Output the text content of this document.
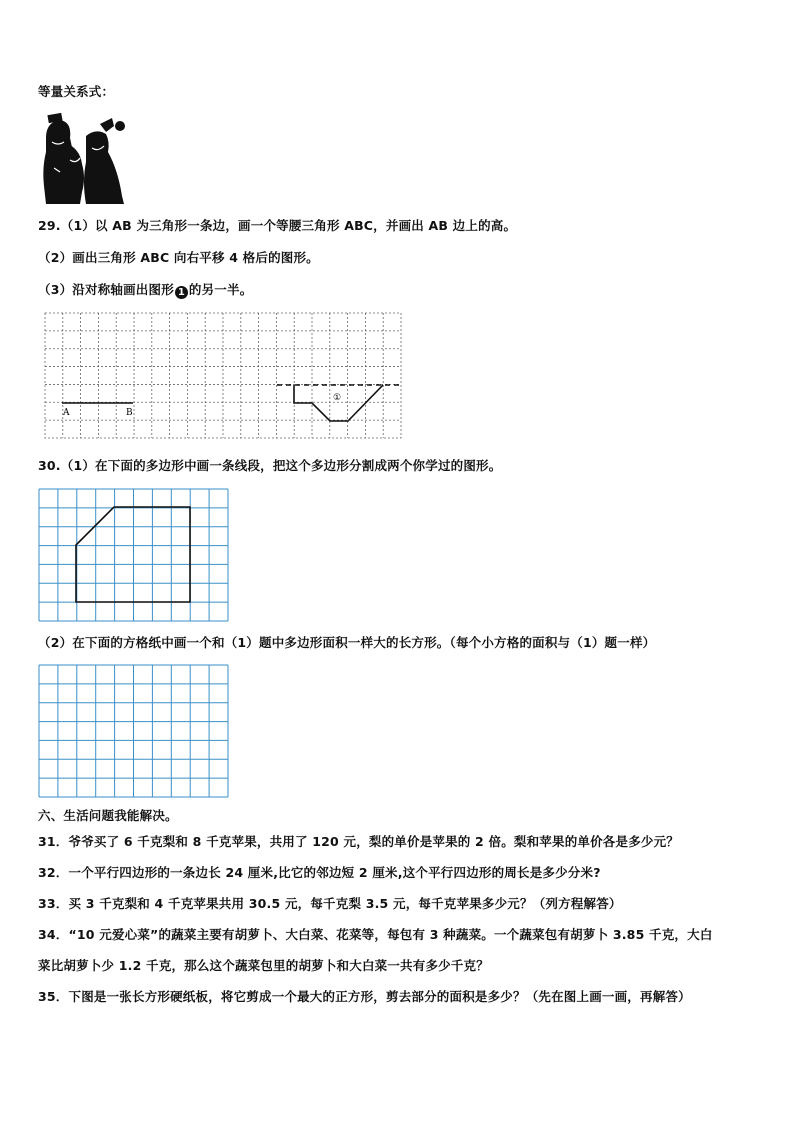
等量关系式：
29.（1）以 AB 为三角形一条边，画一个等腰三角形 ABC，并画出 AB 边上的高。
（2）画出三角形 ABC 向右平移 4 格后的图形。
（3）沿对称轴画出图形 1 的另一半。
A	B
①
30.（1）在下面的多边形中画一条线段，把这个多边形分割成两个你学过的图形。
（2）在下面的方格纸中画一个和（1）题中多边形面积一样大的长方形。（每个小方格的面积与（1）题一样）
六、生活问题我能解决。
31．爷爷买了 6 千克梨和 8 千克苹果，共用了 120 元，梨的单价是苹果的 2 倍。梨和苹果的单价各是多少元？
32．一个平行四边形的一条边长 24 厘米,比它的邻边短 2 厘米,这个平行四边形的周长是多少分米?
33．买 3 千克梨和 4 千克苹果共用 30.5 元，每千克梨 3.5 元，每千克苹果多少元？（列方程解答）
34．“10 元爱心菜”的蔬菜主要有胡萝卜、大白菜、花菜等，每包有 3 种蔬菜。一个蔬菜包有胡萝卜 3.85 千克，大白
菜比胡萝卜少 1.2 千克，那么这个蔬菜包里的胡萝卜和大白菜一共有多少千克？
35．下图是一张长方形硬纸板，将它剪成一个最大的正方形，剪去部分的面积是多少？（先在图上画一画，再解答）
